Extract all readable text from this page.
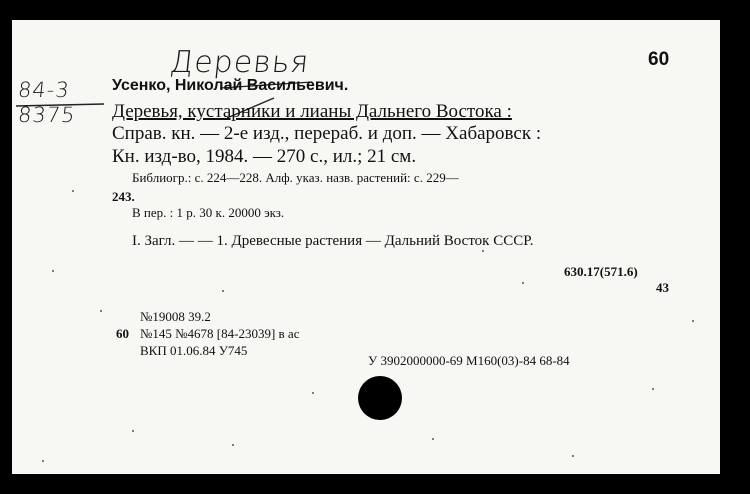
Деревья	60
84-3
8375
Усенко, Николай Васильевич.
Деревья, кустарники и лианы Дальнего Востока :
Справ. кн. — 2-е изд., перераб. и доп. — Хабаровск :
Кн. изд-во, 1984. — 270 с., ил.; 21 см.
Библиогр.: с. 224—228. Алф. указ. назв. растений: с. 229—
243.
В пер. : 1 р. 30 к. 20000 экз.
I. Загл. — — 1. Древесные растения — Дальний Восток СССР.
630.17(571.6)
43
№19008 39.2
60 №145 №4678 [84-23039] в ас
ВКП 01.06.84 У745
У 3902000000-69 М160(03)-84 68-84
